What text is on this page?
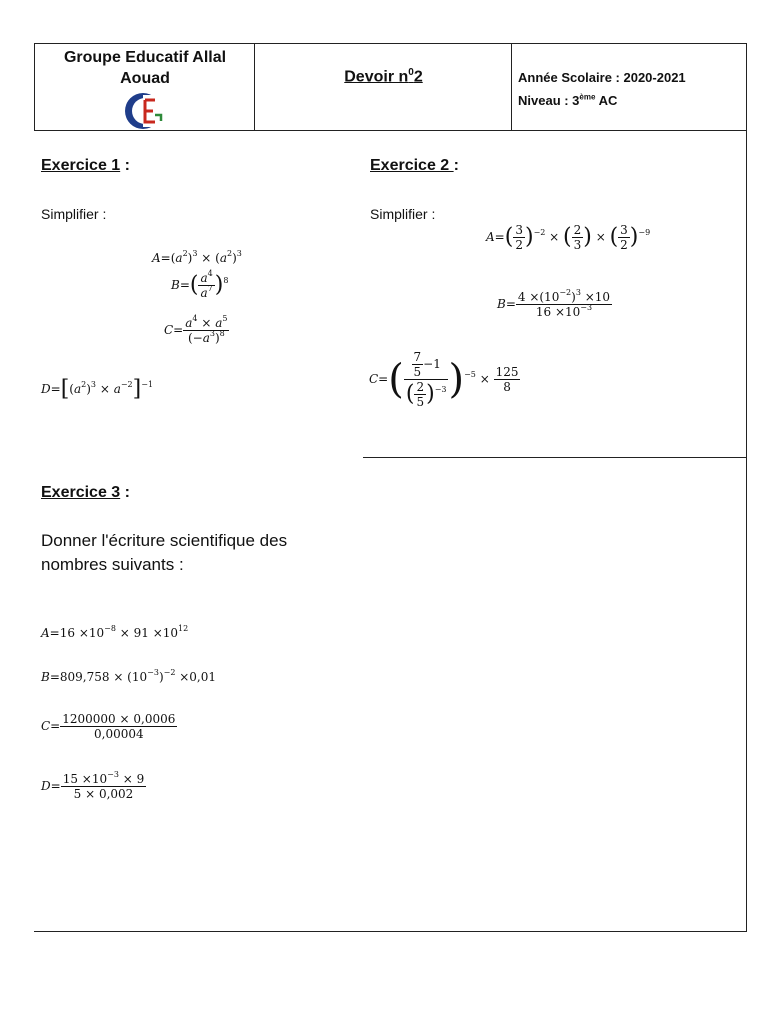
Groupe Educatif Allal
Aouad	Devoir $n^02$	Année Scolaire : 2020-2021
Niveau : 3ème AC
Exercice 1 :
Simplifier :
$A=(a^2)^3 \times (a^2)^3$
$B=( \frac{a^4}{a^7} )^8$
$C= \frac{a^4 \times a^5}{(-a^3)^8}$
$D=[(a^2)^3 \times a^{-2}]^{-1}$
Exercice 2 :
Simplifier :
$A=( \frac{3}{2} )^{-2}$ × ( $\frac{2}{3}$ ) × ( $\frac{3}{2} )^{-9}$
$B= \frac{4 \times(10^{-2})^3 \times 10}{16 \times 10^{-3}}$
$C=( \frac{\frac{7}{5} -1}{( \frac{2}{5} )^{-3}} )^{-5} \times \frac{125}{8}$
Exercice 3 :
Donner l'écriture scientifique des
nombres suivants :
$A=16 \times 10^{-8} \times 91 \times 10^{12}$
$B=809,758 \times (10^{-3})^{-2} \times 0,01$
$C= \frac{1200000 \times 0,0006}{0,00004}$
$D= \frac{15 \times 10^{-3} \times 9}{5 \times 0,002}$
